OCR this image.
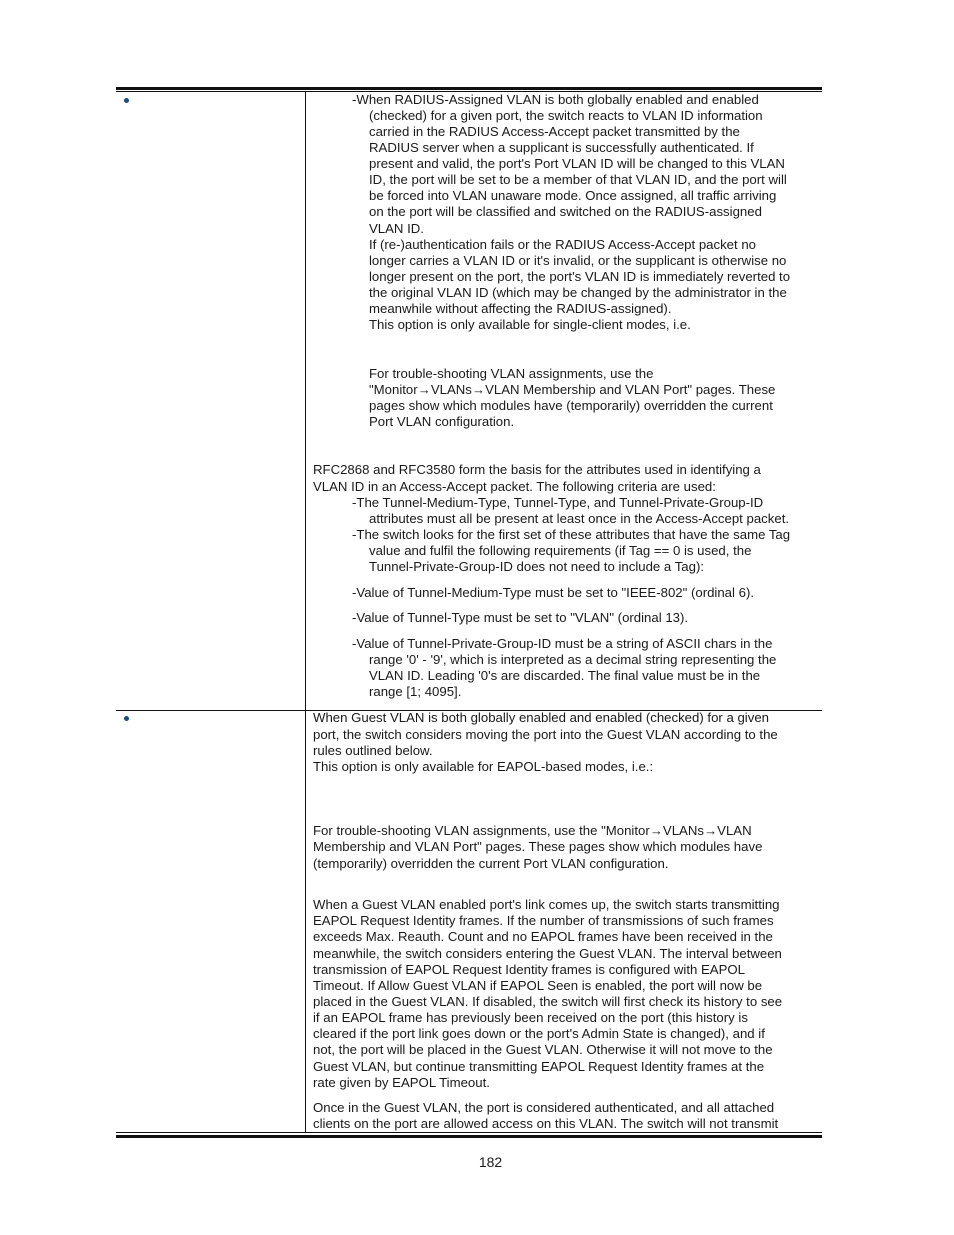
-When RADIUS-Assigned VLAN is both globally enabled and enabled
(checked) for a given port, the switch reacts to VLAN ID information
carried in the RADIUS Access-Accept packet transmitted by the
RADIUS server when a supplicant is successfully authenticated. If
present and valid, the port's Port VLAN ID will be changed to this VLAN
ID, the port will be set to be a member of that VLAN ID, and the port will
be forced into VLAN unaware mode. Once assigned, all traffic arriving
on the port will be classified and switched on the RADIUS-assigned
VLAN ID.
If (re-)authentication fails or the RADIUS Access-Accept packet no
longer carries a VLAN ID or it's invalid, or the supplicant is otherwise no
longer present on the port, the port's VLAN ID is immediately reverted to
the original VLAN ID (which may be changed by the administrator in the
meanwhile without affecting the RADIUS-assigned).
This option is only available for single-client modes, i.e.
For trouble-shooting VLAN assignments, use the
"Monitor→VLANs→VLAN Membership and VLAN Port" pages. These
pages show which modules have (temporarily) overridden the current
Port VLAN configuration.
RFC2868 and RFC3580 form the basis for the attributes used in identifying a
VLAN ID in an Access-Accept packet. The following criteria are used:
-The Tunnel-Medium-Type, Tunnel-Type, and Tunnel-Private-Group-ID
attributes must all be present at least once in the Access-Accept packet.
-The switch looks for the first set of these attributes that have the same Tag
value and fulfil the following requirements (if Tag == 0 is used, the
Tunnel-Private-Group-ID does not need to include a Tag):
-Value of Tunnel-Medium-Type must be set to "IEEE-802" (ordinal 6).
-Value of Tunnel-Type must be set to "VLAN" (ordinal 13).
-Value of Tunnel-Private-Group-ID must be a string of ASCII chars in the
range '0' - '9', which is interpreted as a decimal string representing the
VLAN ID. Leading '0's are discarded. The final value must be in the
range [1; 4095].
When Guest VLAN is both globally enabled and enabled (checked) for a given
port, the switch considers moving the port into the Guest VLAN according to the
rules outlined below.
This option is only available for EAPOL-based modes, i.e.:
For trouble-shooting VLAN assignments, use the "Monitor→VLANs→VLAN
Membership and VLAN Port" pages. These pages show which modules have
(temporarily) overridden the current Port VLAN configuration.
When a Guest VLAN enabled port's link comes up, the switch starts transmitting
EAPOL Request Identity frames. If the number of transmissions of such frames
exceeds Max. Reauth. Count and no EAPOL frames have been received in the
meanwhile, the switch considers entering the Guest VLAN. The interval between
transmission of EAPOL Request Identity frames is configured with EAPOL
Timeout. If Allow Guest VLAN if EAPOL Seen is enabled, the port will now be
placed in the Guest VLAN. If disabled, the switch will first check its history to see
if an EAPOL frame has previously been received on the port (this history is
cleared if the port link goes down or the port's Admin State is changed), and if
not, the port will be placed in the Guest VLAN. Otherwise it will not move to the
Guest VLAN, but continue transmitting EAPOL Request Identity frames at the
rate given by EAPOL Timeout.
Once in the Guest VLAN, the port is considered authenticated, and all attached
clients on the port are allowed access on this VLAN. The switch will not transmit
182
